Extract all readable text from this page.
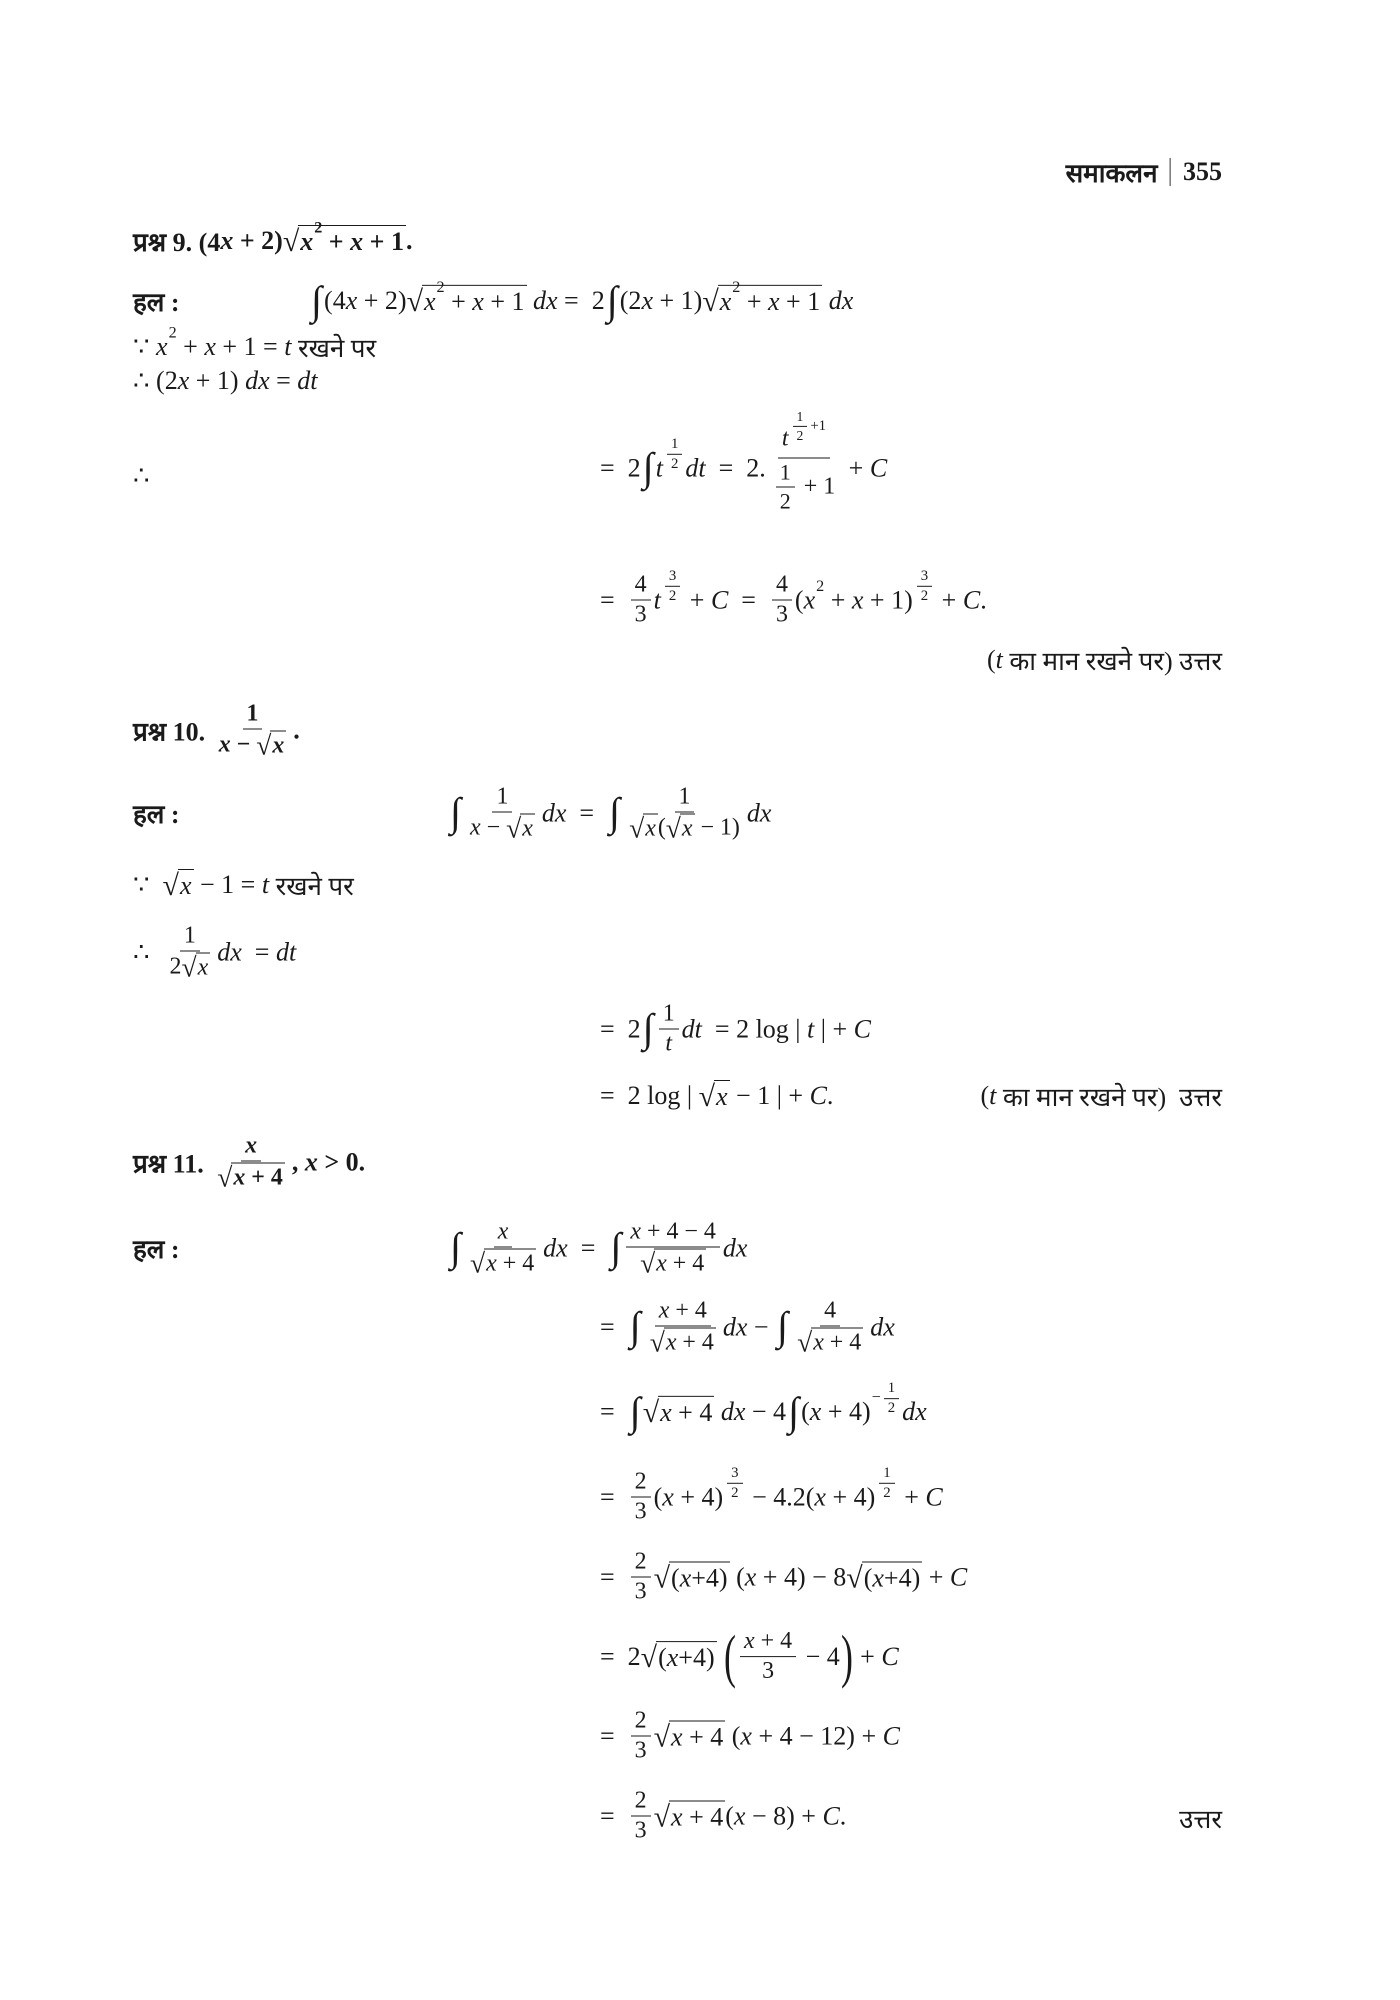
समाकलन 355
प्रश्न 9. (4 x + 2) √ x 2 + x + 1 .
हल :	∫ (4 x + 2) √ x 2 + x + 1
dx =  2 ∫ (2 x + 1) √ x 2 + x + 1
dx
∵ x 2 + x + 1 = t रखने पर
∴ (2 x + 1) dx = dt
∴	=  2 ∫ t $\frac{1}{2}$ dt =  2. $\frac{t \frac{1}{2} +1}{\frac{1}{2} + 1} + C$
= $\frac{4}{3}$ t $\frac{3}{2} + C = \frac{4}{3}$ ( x $2 + x + 1) \frac{3}{2} + C$ .
( t का मान रखने पर) उत्तर
प्रश्न 10. $\frac{1}{x - √ x}$ .
हल :	∫ $\frac{1}{x - √ x}$ dx = ∫ $\frac{1}{√ x ( √ x - 1)}$ dx
∵ √ x − 1 = t रखने पर
∴ $\frac{1}{2 √ x}$ dx = dt
=  2 ∫ $\frac{1}{t}$ dt = 2 log | t | + C
=  2 log | √ x − 1 | + C .	( t का मान रखने पर)  उत्तर
प्रश्न 11. $\frac{x}{√ x + 4}$ , x > 0.
हल :	∫ $\frac{x}{√ x + 4}$ dx = ∫ $\frac{x + 4 - 4}{√ x + 4}$ dx
= ∫ $\frac{x + 4}{√ x + 4}$ dx − ∫ $\frac{4}{√ x + 4}$ dx
= ∫ √ x + 4
dx − 4 ∫ ( $x + 4) - \frac{1}{2}$ dx
= $\frac{2}{3}$ ( $x + 4) \frac{3}{2} - 4.2$( $x + 4) \frac{1}{2} + C$
= $\frac{2}{3}$ √ ( x +4) ( x + 4) − 8 √ ( x +4) + C
=  2 √ ( x +4)
( $\frac{x + 4}{3} - 4$ ) + C
= $\frac{2}{3}$ √ x + 4 ( x + 4 − 12) + C
= $\frac{2}{3}$ √ x + 4 ( x − 8) + C .	उत्तर
